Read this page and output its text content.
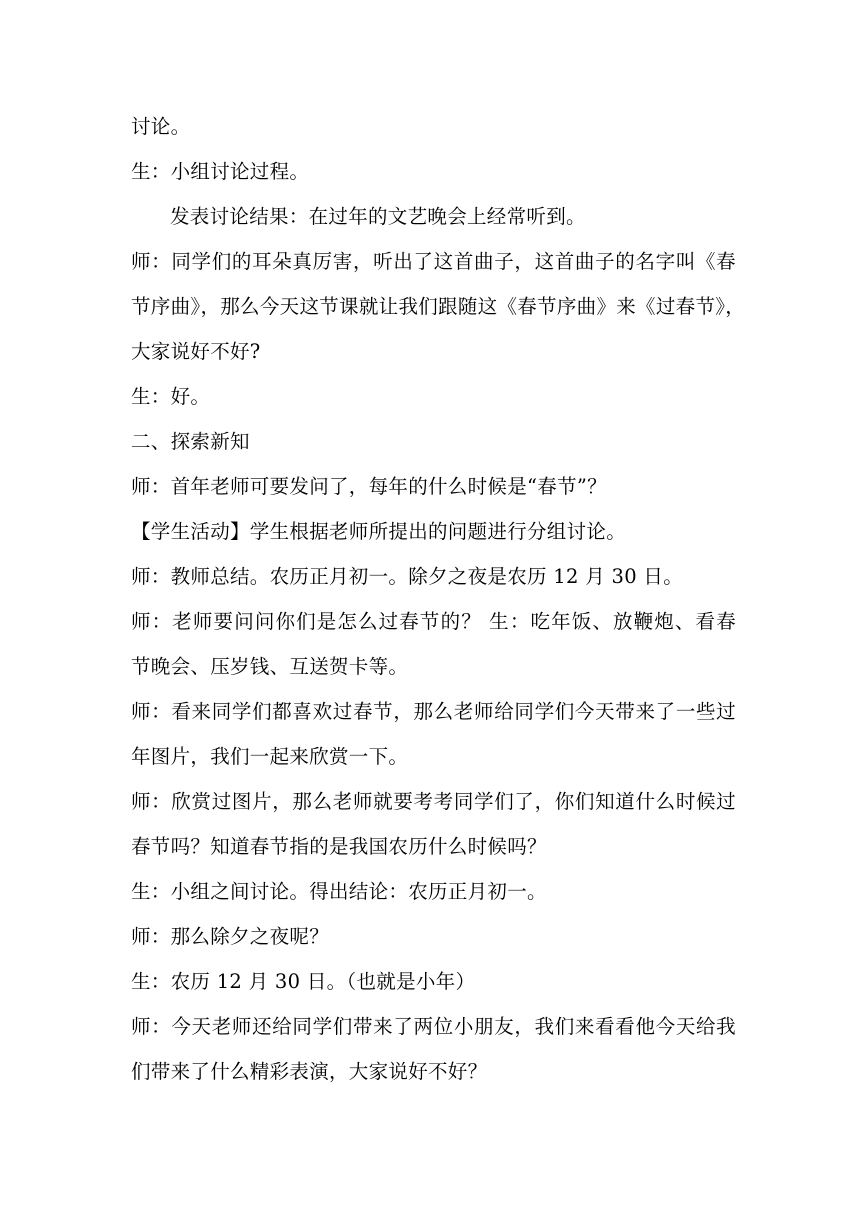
讨论。
生：小组讨论过程。
发表讨论结果：在过年的文艺晚会上经常听到。
师：同学们的耳朵真厉害，听出了这首曲子，这首曲子的名字叫《春
节序曲》，那么今天这节课就让我们跟随这《春节序曲》来《过春节》，
大家说好不好?
生：好。
二、探索新知
师：首年老师可要发问了，每年的什么时候是“春节”？
【学生活动】学生根据老师所提出的问题进行分组讨论。
师：教师总结。农历正月初一。除夕之夜是农历 12 月 30 日。
师：老师要问问你们是怎么过春节的？ 生：吃年饭、放鞭炮、看春
节晚会、压岁钱、互送贺卡等。
师：看来同学们都喜欢过春节，那么老师给同学们今天带来了一些过
年图片，我们一起来欣赏一下。
师：欣赏过图片，那么老师就要考考同学们了，你们知道什么时候过
春节吗？知道春节指的是我国农历什么时候吗？
生：小组之间讨论。得出结论：农历正月初一。
师：那么除夕之夜呢？
生：农历 12 月 30 日。（也就是小年）
师：今天老师还给同学们带来了两位小朋友，我们来看看他今天给我
们带来了什么精彩表演，大家说好不好？
